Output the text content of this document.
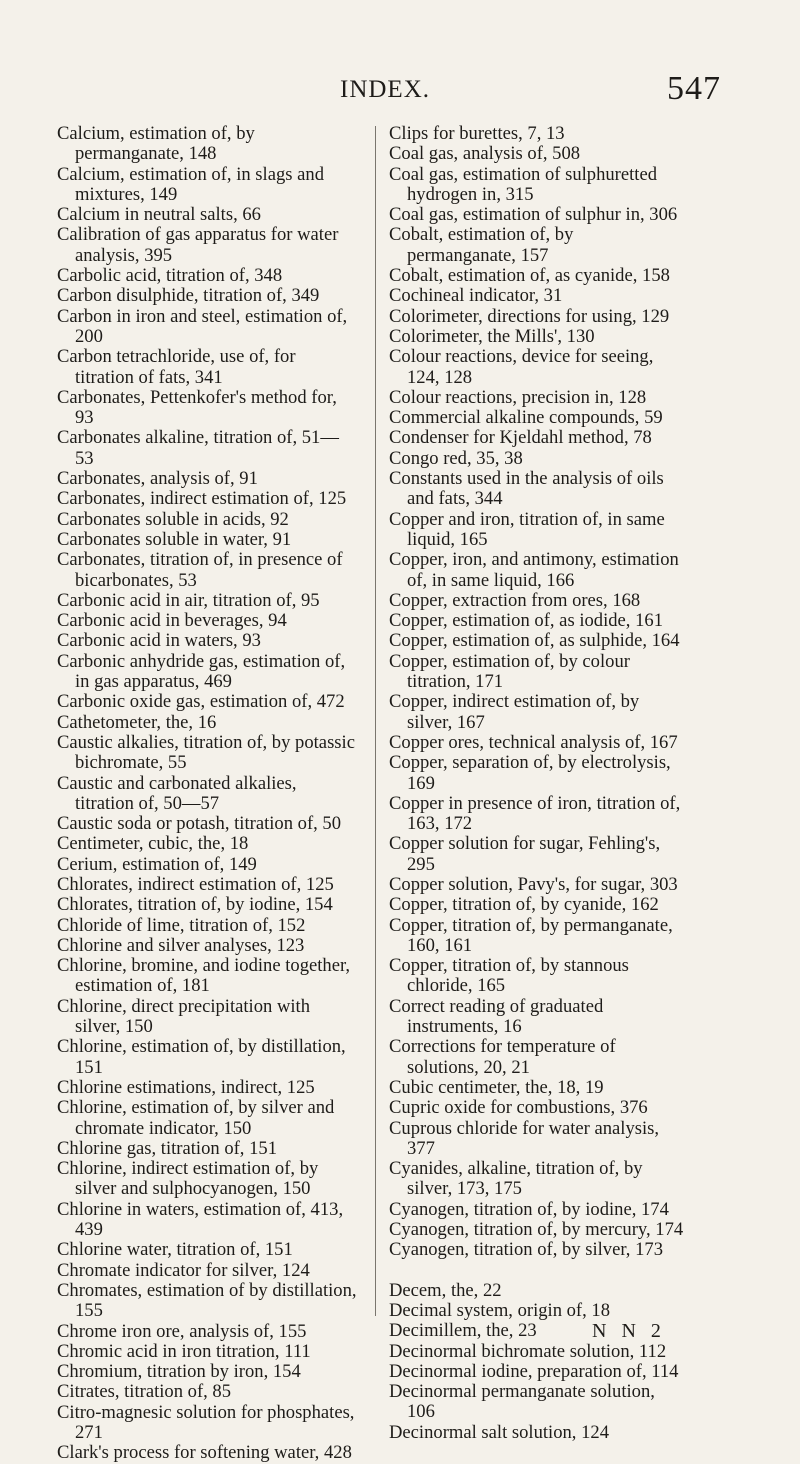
INDEX.	547

Calcium, estimation of, by permanganate, 148

Calcium, estimation of, in slags and mixtures, 149

Calcium in neutral salts, 66

Calibration of gas apparatus for water analysis, 395

Carbolic acid, titration of, 348

Carbon disulphide, titration of, 349

Carbon in iron and steel, estimation of, 200

Carbon tetrachloride, use of, for titration of fats, 341

Carbonates, Pettenkofer's method for, 93

Carbonates alkaline, titration of, 51—53

Carbonates, analysis of, 91

Carbonates, indirect estimation of, 125

Carbonates soluble in acids, 92

Carbonates soluble in water, 91

Carbonates, titration of, in presence of bicarbonates, 53

Carbonic acid in air, titration of, 95

Carbonic acid in beverages, 94

Carbonic acid in waters, 93

Carbonic anhydride gas, estimation of, in gas apparatus, 469

Carbonic oxide gas, estimation of, 472

Cathetometer, the, 16

Caustic alkalies, titration of, by potassic bichromate, 55

Caustic and carbonated alkalies, titration of, 50—57

Caustic soda or potash, titration of, 50

Centimeter, cubic, the, 18

Cerium, estimation of, 149

Chlorates, indirect estimation of, 125

Chlorates, titration of, by iodine, 154

Chloride of lime, titration of, 152

Chlorine and silver analyses, 123

Chlorine, bromine, and iodine together, estimation of, 181

Chlorine, direct precipitation with silver, 150

Chlorine, estimation of, by distillation, 151

Chlorine estimations, indirect, 125

Chlorine, estimation of, by silver and chromate indicator, 150

Chlorine gas, titration of, 151

Chlorine, indirect estimation of, by silver and sulphocyanogen, 150

Chlorine in waters, estimation of, 413, 439

Chlorine water, titration of, 151

Chromate indicator for silver, 124

Chromates, estimation of by distillation, 155

Chrome iron ore, analysis of, 155

Chromic acid in iron titration, 111

Chromium, titration by iron, 154

Citrates, titration of, 85

Citro-magnesic solution for phosphates, 271

Clark's process for softening water, 428

Clips for burettes, 7, 13

Coal gas, analysis of, 508

Coal gas, estimation of sulphuretted hydrogen in, 315

Coal gas, estimation of sulphur in, 306

Cobalt, estimation of, by permanganate, 157

Cobalt, estimation of, as cyanide, 158

Cochineal indicator, 31

Colorimeter, directions for using, 129

Colorimeter, the Mills', 130

Colour reactions, device for seeing, 124, 128

Colour reactions, precision in, 128

Commercial alkaline compounds, 59

Condenser for Kjeldahl method, 78

Congo red, 35, 38

Constants used in the analysis of oils and fats, 344

Copper and iron, titration of, in same liquid, 165

Copper, iron, and antimony, estimation of, in same liquid, 166

Copper, extraction from ores, 168

Copper, estimation of, as iodide, 161

Copper, estimation of, as sulphide, 164

Copper, estimation of, by colour titration, 171

Copper, indirect estimation of, by silver, 167

Copper ores, technical analysis of, 167

Copper, separation of, by electrolysis, 169

Copper in presence of iron, titration of, 163, 172

Copper solution for sugar, Fehling's, 295

Copper solution, Pavy's, for sugar, 303

Copper, titration of, by cyanide, 162

Copper, titration of, by permanganate, 160, 161

Copper, titration of, by stannous chloride, 165

Correct reading of graduated instruments, 16

Corrections for temperature of solutions, 20, 21

Cubic centimeter, the, 18, 19

Cupric oxide for combustions, 376

Cuprous chloride for water analysis, 377

Cyanides, alkaline, titration of, by silver, 173, 175

Cyanogen, titration of, by iodine, 174

Cyanogen, titration of, by mercury, 174

Cyanogen, titration of, by silver, 173

Decem, the, 22

Decimal system, origin of, 18

Decimillem, the, 23

Decinormal bichromate solution, 112

Decinormal iodine, preparation of, 114

Decinormal permanganate solution, 106

Decinormal salt solution, 124

N N 2
